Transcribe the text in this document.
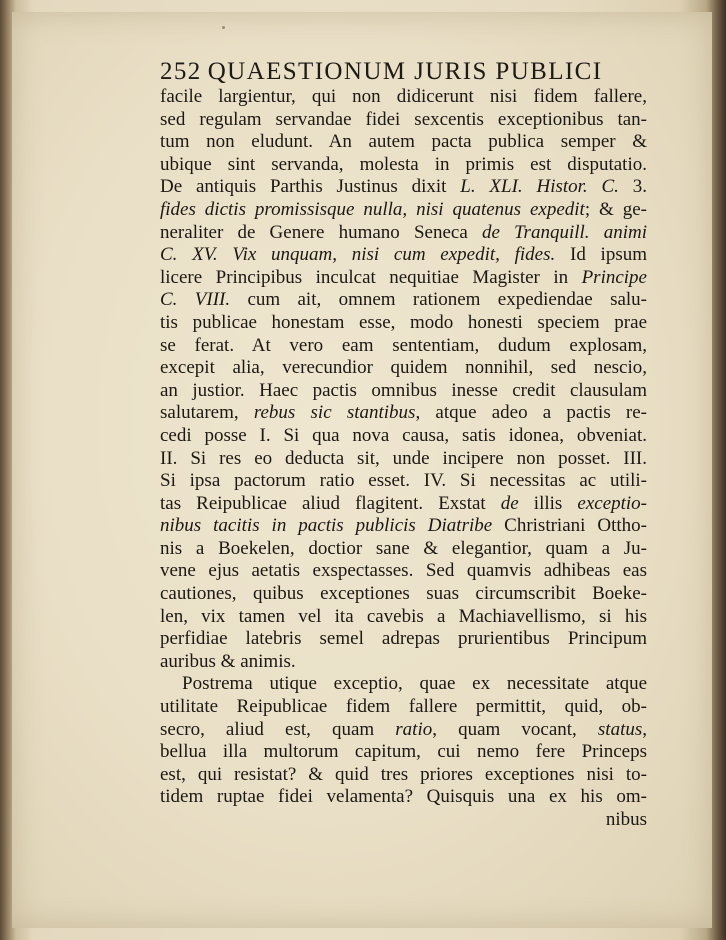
252 QUAESTIONUM JURIS PUBLICI
facile largientur, qui non didicerunt nisi fidem fallere,
sed regulam servandae fidei sexcentis exceptionibus tan-
tum non eludunt. An autem pacta publica semper &
ubique sint servanda, molesta in primis est disputatio.
De antiquis Parthis Justinus dixit L. XLI. Histor. C. 3.
fides dictis promissisque nulla, nisi quatenus expedit; & ge-
neraliter de Genere humano Seneca de Tranquill. animi
C. XV. Vix unquam, nisi cum expedit, fides. Id ipsum
licere Principibus inculcat nequitiae Magister in Principe
C. VIII. cum ait, omnem rationem expediendae salu-
tis publicae honestam esse, modo honesti speciem prae
se ferat. At vero eam sententiam, dudum explosam,
excepit alia, verecundior quidem nonnihil, sed nescio,
an justior. Haec pactis omnibus inesse credit clausulam
salutarem, rebus sic stantibus, atque adeo a pactis re-
cedi posse I. Si qua nova causa, satis idonea, obveniat.
II. Si res eo deducta sit, unde incipere non posset. III.
Si ipsa pactorum ratio esset. IV. Si necessitas ac utili-
tas Reipublicae aliud flagitent. Exstat de illis exceptio-
nibus tacitis in pactis publicis Diatribe Christriani Ottho-
nis a Boekelen, doctior sane & elegantior, quam a Ju-
vene ejus aetatis exspectasses. Sed quamvis adhibeas eas
cautiones, quibus exceptiones suas circumscribit Boeke-
len, vix tamen vel ita cavebis a Machiavellismo, si his
perfidiae latebris semel adrepas prurientibus Principum
auribus & animis.
Postrema utique exceptio, quae ex necessitate atque
utilitate Reipublicae fidem fallere permittit, quid, ob-
secro, aliud est, quam ratio, quam vocant, status,
bellua illa multorum capitum, cui nemo fere Princeps
est, qui resistat? & quid tres priores exceptiones nisi to-
tidem ruptae fidei velamenta? Quisquis una ex his om-
nibus
